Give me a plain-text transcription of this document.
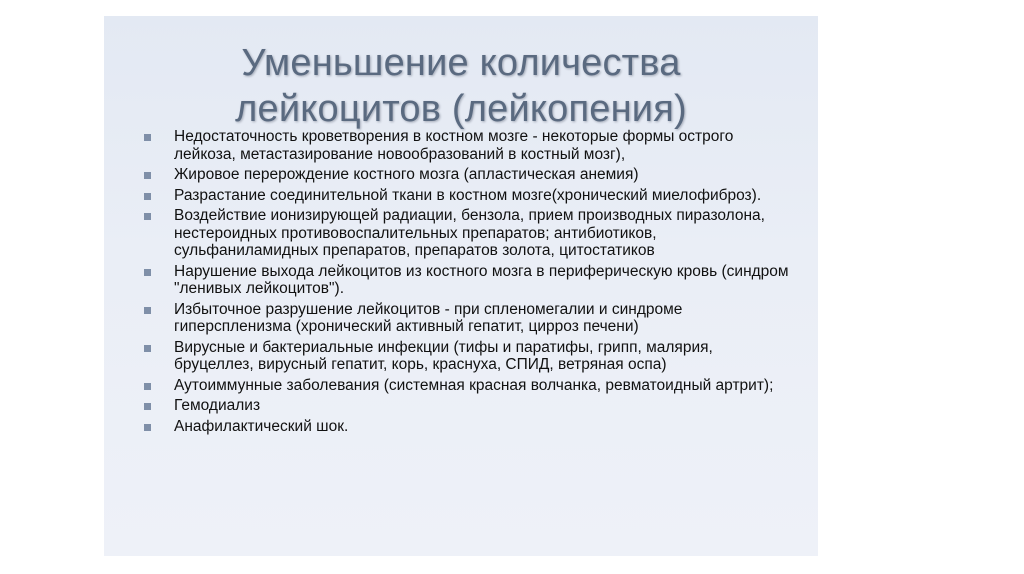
Уменьшение количества
лейкоцитов (лейкопения)
Недостаточность кроветворения в костном мозге - некоторые формы острого лейкоза, метастазирование новообразований в костный мозг),
Жировое перерождение костного мозга (апластическая анемия)
Разрастание соединительной ткани в костном мозге(хронический миелофиброз).
Воздействие ионизирующей радиации, бензола, прием производных пиразолона, нестероидных противовоспалительных препаратов; антибиотиков, сульфаниламидных препаратов, препаратов золота, цитостатиков
Нарушение выхода лейкоцитов из костного мозга в периферическую кровь (синдром "ленивых лейкоцитов").
Избыточное разрушение лейкоцитов - при спленомегалии и синдроме гиперспленизма (хронический активный гепатит, цирроз печени)
Вирусные и бактериальные инфекции (тифы и паратифы, грипп, малярия, бруцеллез, вирусный гепатит, корь, краснуха, СПИД, ветряная оспа)
Аутоиммунные заболевания (системная красная волчанка, ревматоидный артрит);
Гемодиализ
Анафилактический шок.
